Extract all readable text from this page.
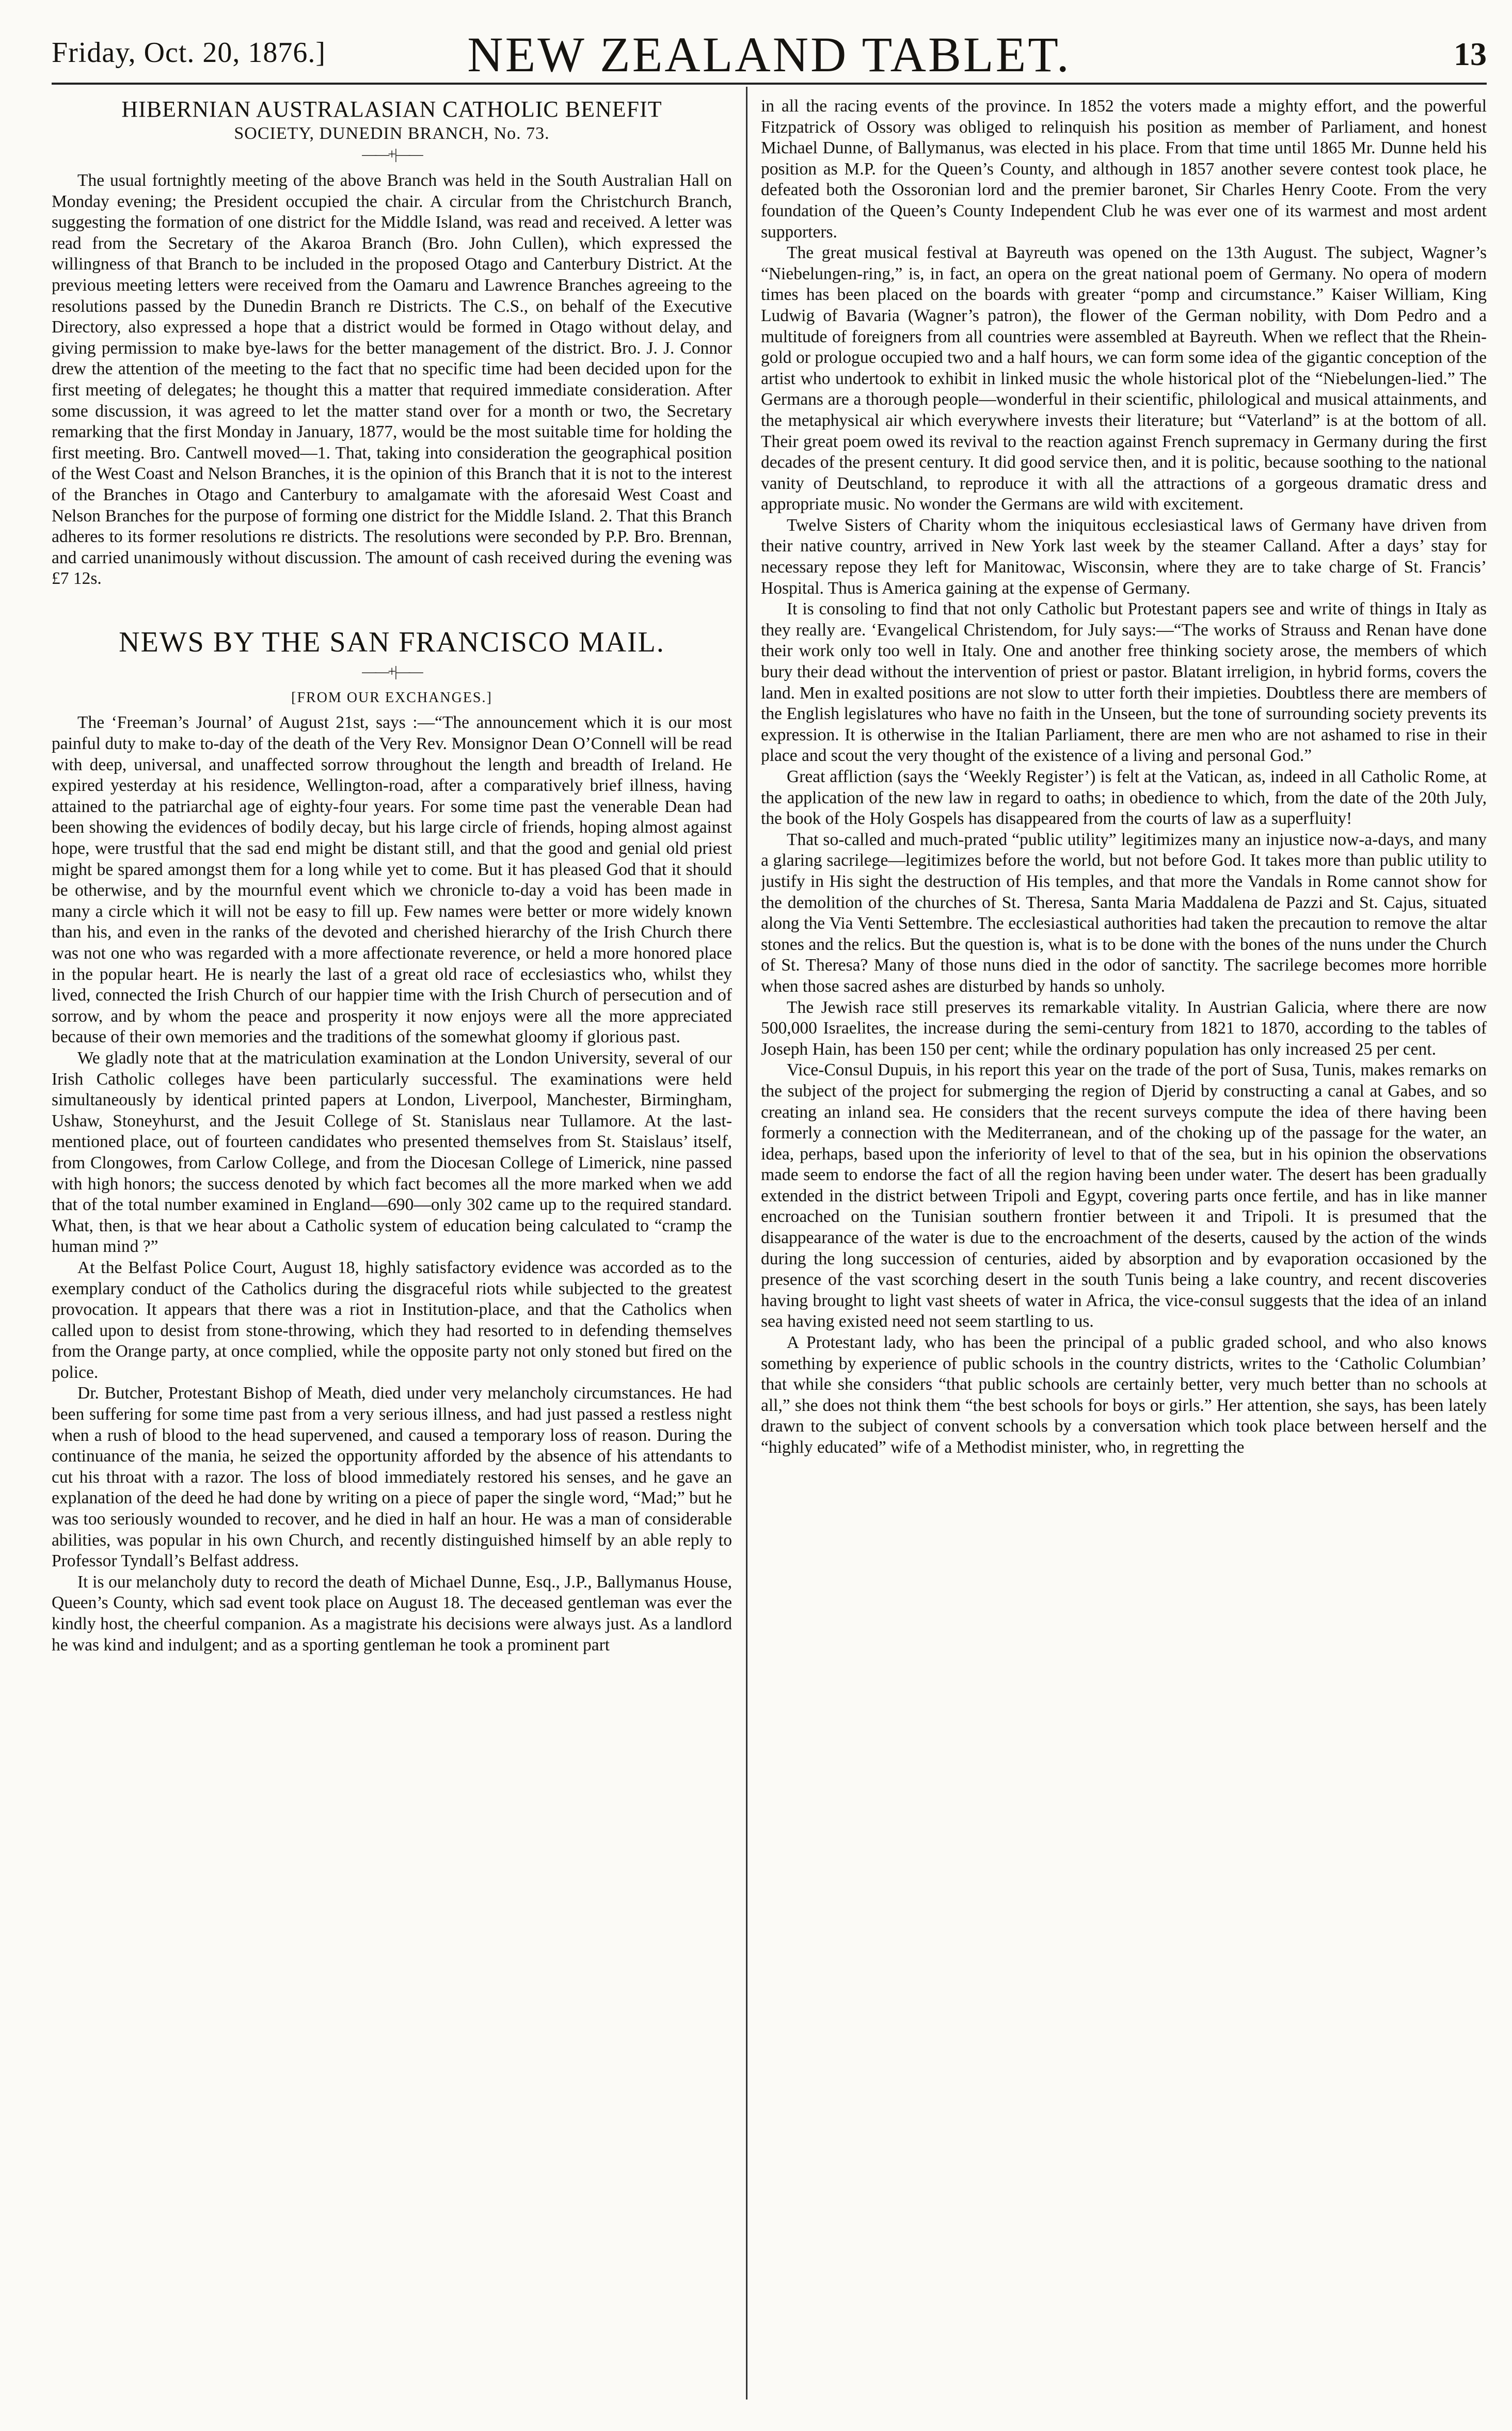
Friday, Oct. 20, 1876.]	NEW ZEALAND TABLET.	13
HIBERNIAN AUSTRALASIAN CATHOLIC BENEFIT
SOCIETY, DUNEDIN BRANCH, No. 73.
——+|——

The usual fortnightly meeting of the above Branch was held in the South Australian Hall on Monday evening; the President occupied the chair. A circular from the Christchurch Branch, suggesting the formation of one district for the Middle Island, was read and received. A letter was read from the Secretary of the Akaroa Branch (Bro. John Cullen), which expressed the willingness of that Branch to be included in the proposed Otago and Canterbury District. At the previous meeting letters were received from the Oamaru and Lawrence Branches agreeing to the resolutions passed by the Dunedin Branch re Districts. The C.S., on behalf of the Executive Directory, also expressed a hope that a district would be formed in Otago without delay, and giving permission to make bye-laws for the better management of the district. Bro. J. J. Connor drew the attention of the meeting to the fact that no specific time had been decided upon for the first meeting of delegates; he thought this a matter that required immediate consideration. After some discussion, it was agreed to let the matter stand over for a month or two, the Secretary remarking that the first Monday in January, 1877, would be the most suitable time for holding the first meeting. Bro. Cantwell moved—1. That, taking into consideration the geographical position of the West Coast and Nelson Branches, it is the opinion of this Branch that it is not to the interest of the Branches in Otago and Canterbury to amalgamate with the aforesaid West Coast and Nelson Branches for the purpose of forming one district for the Middle Island. 2. That this Branch adheres to its former resolutions re districts. The resolutions were seconded by P.P. Bro. Brennan, and carried unanimously without discussion. The amount of cash received during the evening was £7 12s.

NEWS BY THE SAN FRANCISCO MAIL.
——+|——
[FROM OUR EXCHANGES.]

The ‘Freeman’s Journal’ of August 21st, says :—“The announcement which it is our most painful duty to make to-day of the death of the Very Rev. Monsignor Dean O’Connell will be read with deep, universal, and unaffected sorrow throughout the length and breadth of Ireland. He expired yesterday at his residence, Wellington-road, after a comparatively brief illness, having attained to the patriarchal age of eighty-four years. For some time past the venerable Dean had been showing the evidences of bodily decay, but his large circle of friends, hoping almost against hope, were trustful that the sad end might be distant still, and that the good and genial old priest might be spared amongst them for a long while yet to come. But it has pleased God that it should be otherwise, and by the mournful event which we chronicle to-day a void has been made in many a circle which it will not be easy to fill up. Few names were better or more widely known than his, and even in the ranks of the devoted and cherished hierarchy of the Irish Church there was not one who was regarded with a more affectionate reverence, or held a more honored place in the popular heart. He is nearly the last of a great old race of ecclesiastics who, whilst they lived, connected the Irish Church of our happier time with the Irish Church of persecution and of sorrow, and by whom the peace and prosperity it now enjoys were all the more appreciated because of their own memories and the traditions of the somewhat gloomy if glorious past.

We gladly note that at the matriculation examination at the London University, several of our Irish Catholic colleges have been particularly successful. The examinations were held simultaneously by identical printed papers at London, Liverpool, Manchester, Birmingham, Ushaw, Stoneyhurst, and the Jesuit College of St. Stanislaus near Tullamore. At the last-mentioned place, out of fourteen candidates who presented themselves from St. Staislaus’ itself, from Clongowes, from Carlow College, and from the Diocesan College of Limerick, nine passed with high honors; the success denoted by which fact becomes all the more marked when we add that of the total number examined in England—690—only 302 came up to the required standard. What, then, is that we hear about a Catholic system of education being calculated to “cramp the human mind ?”

At the Belfast Police Court, August 18, highly satisfactory evidence was accorded as to the exemplary conduct of the Catholics during the disgraceful riots while subjected to the greatest provocation. It appears that there was a riot in Institution-place, and that the Catholics when called upon to desist from stone-throwing, which they had resorted to in defending themselves from the Orange party, at once complied, while the opposite party not only stoned but fired on the police.

Dr. Butcher, Protestant Bishop of Meath, died under very melancholy circumstances. He had been suffering for some time past from a very serious illness, and had just passed a restless night when a rush of blood to the head supervened, and caused a temporary loss of reason. During the continuance of the mania, he seized the opportunity afforded by the absence of his attendants to cut his throat with a razor. The loss of blood immediately restored his senses, and he gave an explanation of the deed he had done by writing on a piece of paper the single word, “Mad;” but he was too seriously wounded to recover, and he died in half an hour. He was a man of considerable abilities, was popular in his own Church, and recently distinguished himself by an able reply to Professor Tyndall’s Belfast address.

It is our melancholy duty to record the death of Michael Dunne, Esq., J.P., Ballymanus House, Queen’s County, which sad event took place on August 18. The deceased gentleman was ever the kindly host, the cheerful companion. As a magistrate his decisions were always just. As a landlord he was kind and indulgent; and as a sporting gentleman he took a prominent part

in all the racing events of the province. In 1852 the voters made a mighty effort, and the powerful Fitzpatrick of Ossory was obliged to relinquish his position as member of Parliament, and honest Michael Dunne, of Ballymanus, was elected in his place. From that time until 1865 Mr. Dunne held his position as M.P. for the Queen’s County, and although in 1857 another severe contest took place, he defeated both the Ossoronian lord and the premier baronet, Sir Charles Henry Coote. From the very foundation of the Queen’s County Independent Club he was ever one of its warmest and most ardent supporters.

The great musical festival at Bayreuth was opened on the 13th August. The subject, Wagner’s “Niebelungen-ring,” is, in fact, an opera on the great national poem of Germany. No opera of modern times has been placed on the boards with greater “pomp and circumstance.” Kaiser William, King Ludwig of Bavaria (Wagner’s patron), the flower of the German nobility, with Dom Pedro and a multitude of foreigners from all countries were assembled at Bayreuth. When we reflect that the Rhein-gold or prologue occupied two and a half hours, we can form some idea of the gigantic conception of the artist who undertook to exhibit in linked music the whole historical plot of the “Niebelungen-lied.” The Germans are a thorough people—wonderful in their scientific, philological and musical attainments, and the metaphysical air which everywhere invests their literature; but “Vaterland” is at the bottom of all. Their great poem owed its revival to the reaction against French supremacy in Germany during the first decades of the present century. It did good service then, and it is politic, because soothing to the national vanity of Deutschland, to reproduce it with all the attractions of a gorgeous dramatic dress and appropriate music. No wonder the Germans are wild with excitement.

Twelve Sisters of Charity whom the iniquitous ecclesiastical laws of Germany have driven from their native country, arrived in New York last week by the steamer Calland. After a days’ stay for necessary repose they left for Manitowac, Wisconsin, where they are to take charge of St. Francis’ Hospital. Thus is America gaining at the expense of Germany.

It is consoling to find that not only Catholic but Protestant papers see and write of things in Italy as they really are. ‘Evangelical Christendom, for July says:—“The works of Strauss and Renan have done their work only too well in Italy. One and another free thinking society arose, the members of which bury their dead without the intervention of priest or pastor. Blatant irreligion, in hybrid forms, covers the land. Men in exalted positions are not slow to utter forth their impieties. Doubtless there are members of the English legislatures who have no faith in the Unseen, but the tone of surrounding society prevents its expression. It is otherwise in the Italian Parliament, there are men who are not ashamed to rise in their place and scout the very thought of the existence of a living and personal God.”

Great affliction (says the ‘Weekly Register’) is felt at the Vatican, as, indeed in all Catholic Rome, at the application of the new law in regard to oaths; in obedience to which, from the date of the 20th July, the book of the Holy Gospels has disappeared from the courts of law as a superfluity!

That so-called and much-prated “public utility” legitimizes many an injustice now-a-days, and many a glaring sacrilege—legitimizes before the world, but not before God. It takes more than public utility to justify in His sight the destruction of His temples, and that more the Vandals in Rome cannot show for the demolition of the churches of St. Theresa, Santa Maria Maddalena de Pazzi and St. Cajus, situated along the Via Venti Settembre. The ecclesiastical authorities had taken the precaution to remove the altar stones and the relics. But the question is, what is to be done with the bones of the nuns under the Church of St. Theresa? Many of those nuns died in the odor of sanctity. The sacrilege becomes more horrible when those sacred ashes are disturbed by hands so unholy.

The Jewish race still preserves its remarkable vitality. In Austrian Galicia, where there are now 500,000 Israelites, the increase during the semi-century from 1821 to 1870, according to the tables of Joseph Hain, has been 150 per cent; while the ordinary population has only increased 25 per cent.

Vice-Consul Dupuis, in his report this year on the trade of the port of Susa, Tunis, makes remarks on the subject of the project for submerging the region of Djerid by constructing a canal at Gabes, and so creating an inland sea. He considers that the recent surveys compute the idea of there having been formerly a connection with the Mediterranean, and of the choking up of the passage for the water, an idea, perhaps, based upon the inferiority of level to that of the sea, but in his opinion the observations made seem to endorse the fact of all the region having been under water. The desert has been gradually extended in the district between Tripoli and Egypt, covering parts once fertile, and has in like manner encroached on the Tunisian southern frontier between it and Tripoli. It is presumed that the disappearance of the water is due to the encroachment of the deserts, caused by the action of the winds during the long succession of centuries, aided by absorption and by evaporation occasioned by the presence of the vast scorching desert in the south Tunis being a lake country, and recent discoveries having brought to light vast sheets of water in Africa, the vice-consul suggests that the idea of an inland sea having existed need not seem startling to us.

A Protestant lady, who has been the principal of a public graded school, and who also knows something by experience of public schools in the country districts, writes to the ‘Catholic Columbian’ that while she considers “that public schools are certainly better, very much better than no schools at all,” she does not think them “the best schools for boys or girls.” Her attention, she says, has been lately drawn to the subject of convent schools by a conversation which took place between herself and the “highly educated” wife of a Methodist minister, who, in regretting the
